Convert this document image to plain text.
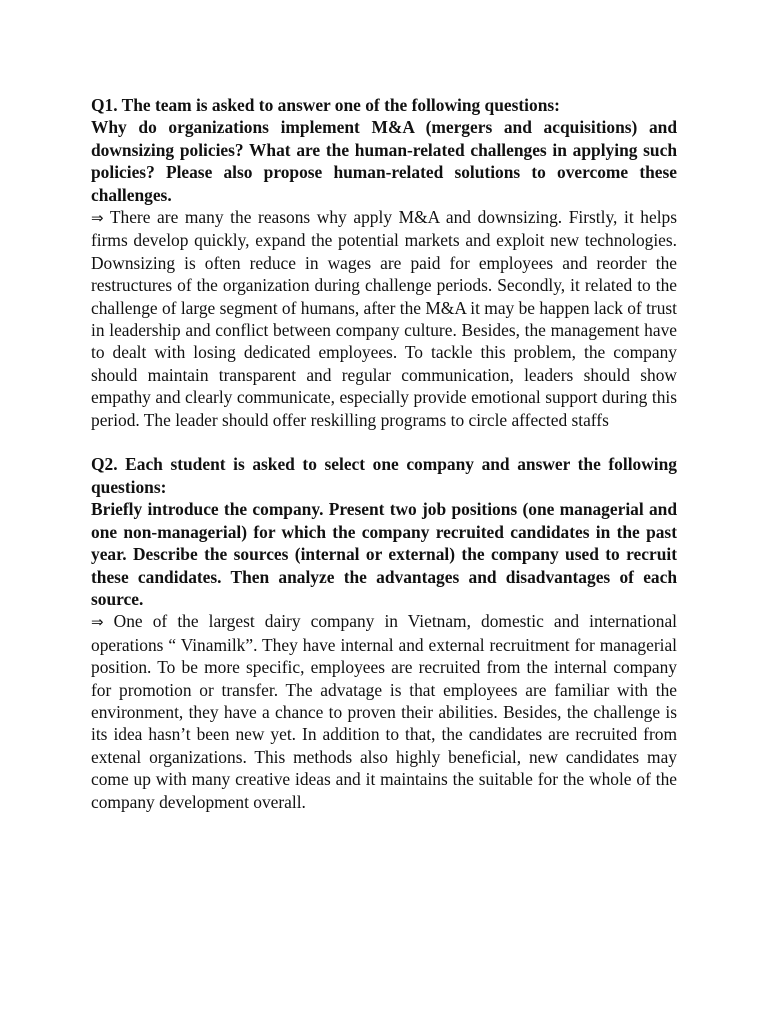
Q1. The team is asked to answer one of the following questions:

Why do organizations implement M&A (mergers and acquisitions) and downsizing policies? What are the human-related challenges in applying such policies? Please also propose human-related solutions to overcome these challenges.

⇒ There are many the reasons why apply M&A and downsizing. Firstly, it helps firms develop quickly, expand the potential markets and exploit new technologies. Downsizing is often reduce in wages are paid for employees and reorder the restructures of the organization during challenge periods. Secondly, it related to the challenge of large segment of humans, after the M&A it may be happen lack of trust in leadership and conflict between company culture. Besides, the management have to dealt with losing dedicated employees. To tackle this problem, the company should maintain transparent and regular communication, leaders should show empathy and clearly communicate, especially provide emotional support during this period. The leader should offer reskilling programs to circle affected staffs

Q2. Each student is asked to select one company and answer the following questions:

Briefly introduce the company. Present two job positions (one managerial and one non-managerial) for which the company recruited candidates in the past year. Describe the sources (internal or external) the company used to recruit these candidates. Then analyze the advantages and disadvantages of each source.

⇒ One of the largest dairy company in Vietnam, domestic and international operations “ Vinamilk”. They have internal and external recruitment for managerial position. To be more specific, employees are recruited from the internal company for promotion or transfer. The advatage is that employees are familiar with the environment, they have a chance to proven their abilities. Besides, the challenge is its idea hasn’t been new yet. In addition to that, the candidates are recruited from extenal organizations. This methods also highly beneficial, new candidates may come up with many creative ideas and it maintains the suitable for the whole of the company development overall.
